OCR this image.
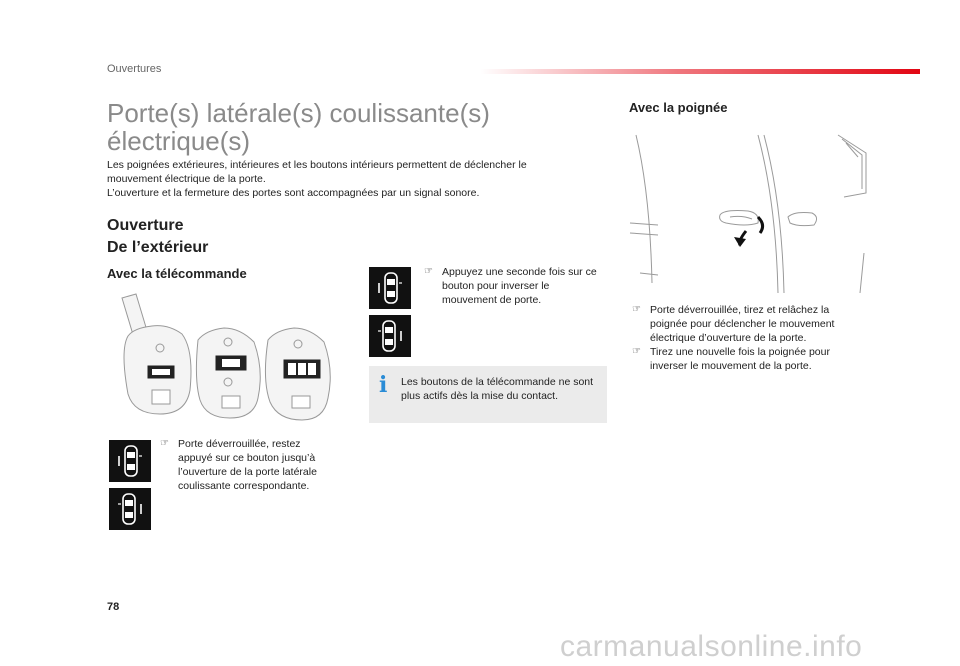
Ouvertures
Porte(s) latérale(s) coulissante(s)
électrique(s)

Les poignées extérieures, intérieures et les boutons intérieurs permettent de déclencher le mouvement électrique de la porte.

L’ouverture et la fermeture des portes sont accompagnées par un signal sonore.

Ouverture
De l’extérieur
Avec la télécommande
☞ Porte déverrouillée, restez appuyé sur ce bouton jusqu’à l’ouverture de la porte latérale coulissante correspondante.
☞ Appuyez une seconde fois sur ce bouton pour inverser le mouvement de porte.
i Les boutons de la télécommande ne sont plus actifs dès la mise du contact.
Avec la poignée
☞ Porte déverrouillée, tirez et relâchez la poignée pour déclencher le mouvement électrique d’ouverture de la porte.
☞ Tirez une nouvelle fois la poignée pour inverser le mouvement de la porte.
78
carmanualsonline.info
